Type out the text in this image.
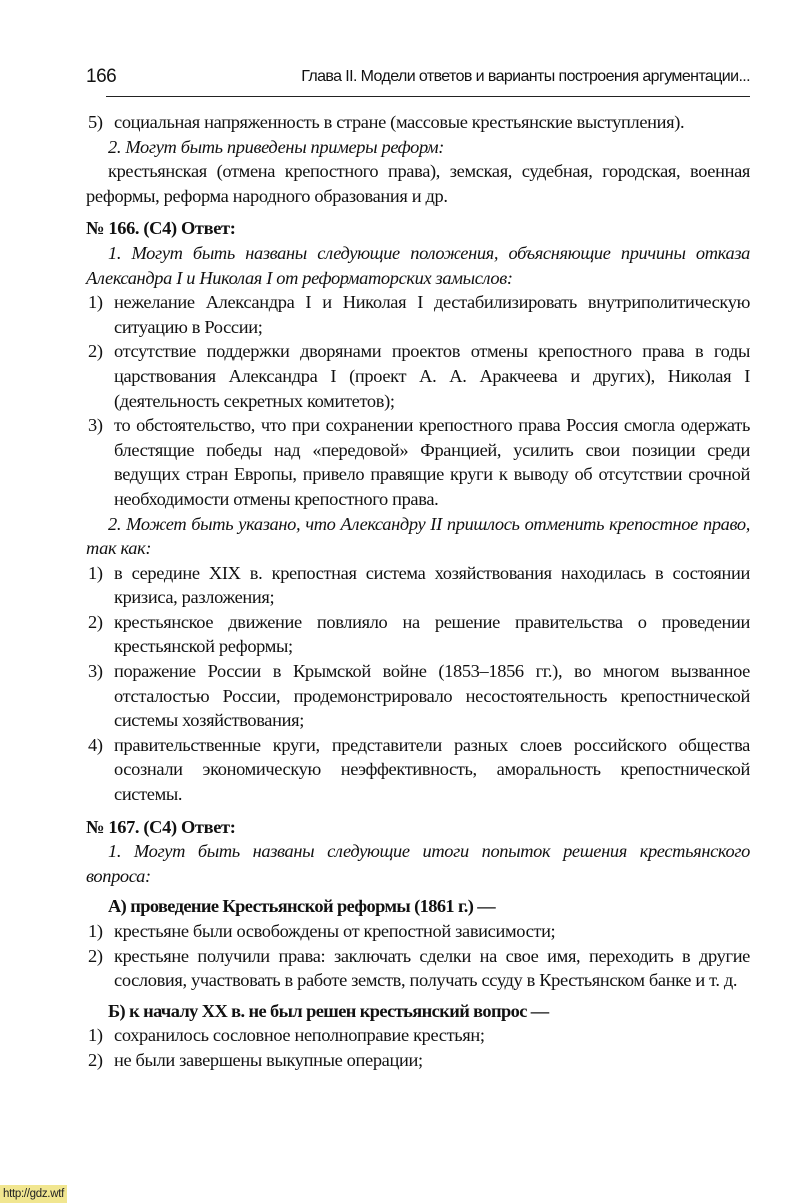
166	Глава II. Модели ответов и варианты построения аргументации...
5) социальная напряженность в стране (массовые крестьянские выступления).

2. Могут быть приведены примеры реформ:

крестьянская (отмена крепостного права), земская, судебная, городская, военная реформы, реформа народного образования и др.

№ 166. (С4) Ответ:

1. Могут быть названы следующие положения, объясняющие причины отказа Александра I и Николая I от реформаторских замыслов:

1) нежелание Александра I и Николая I дестабилизировать внутриполитическую ситуацию в России;
2) отсутствие поддержки дворянами проектов отмены крепостного права в годы царствования Александра I (проект А. А. Аракчеева и других), Николая I (деятельность секретных комитетов);
3) то обстоятельство, что при сохранении крепостного права Россия смогла одержать блестящие победы над «передовой» Францией, усилить свои позиции среди ведущих стран Европы, привело правящие круги к выводу об отсутствии срочной необходимости отмены крепостного права.

2. Может быть указано, что Александру II пришлось отменить крепостное право, так как:

1) в середине XIX в. крепостная система хозяйствования находилась в состоянии кризиса, разложения;
2) крестьянское движение повлияло на решение правительства о проведении крестьянской реформы;
3) поражение России в Крымской войне (1853–1856 гг.), во многом вызванное отсталостью России, продемонстрировало несостоятельность крепостнической системы хозяйствования;
4) правительственные круги, представители разных слоев российского общества осознали экономическую неэффективность, аморальность крепостнической системы.

№ 167. (С4) Ответ:

1. Могут быть названы следующие итоги попыток решения крестьянского вопроса:

А) проведение Крестьянской реформы (1861 г.) —

1) крестьяне были освобождены от крепостной зависимости;
2) крестьяне получили права: заключать сделки на свое имя, переходить в другие сословия, участвовать в работе земств, получать ссуду в Крестьянском банке и т. д.

Б) к началу XX в. не был решен крестьянский вопрос —

1) сохранилось сословное неполноправие крестьян;
2) не были завершены выкупные операции;
http://gdz.wtf
